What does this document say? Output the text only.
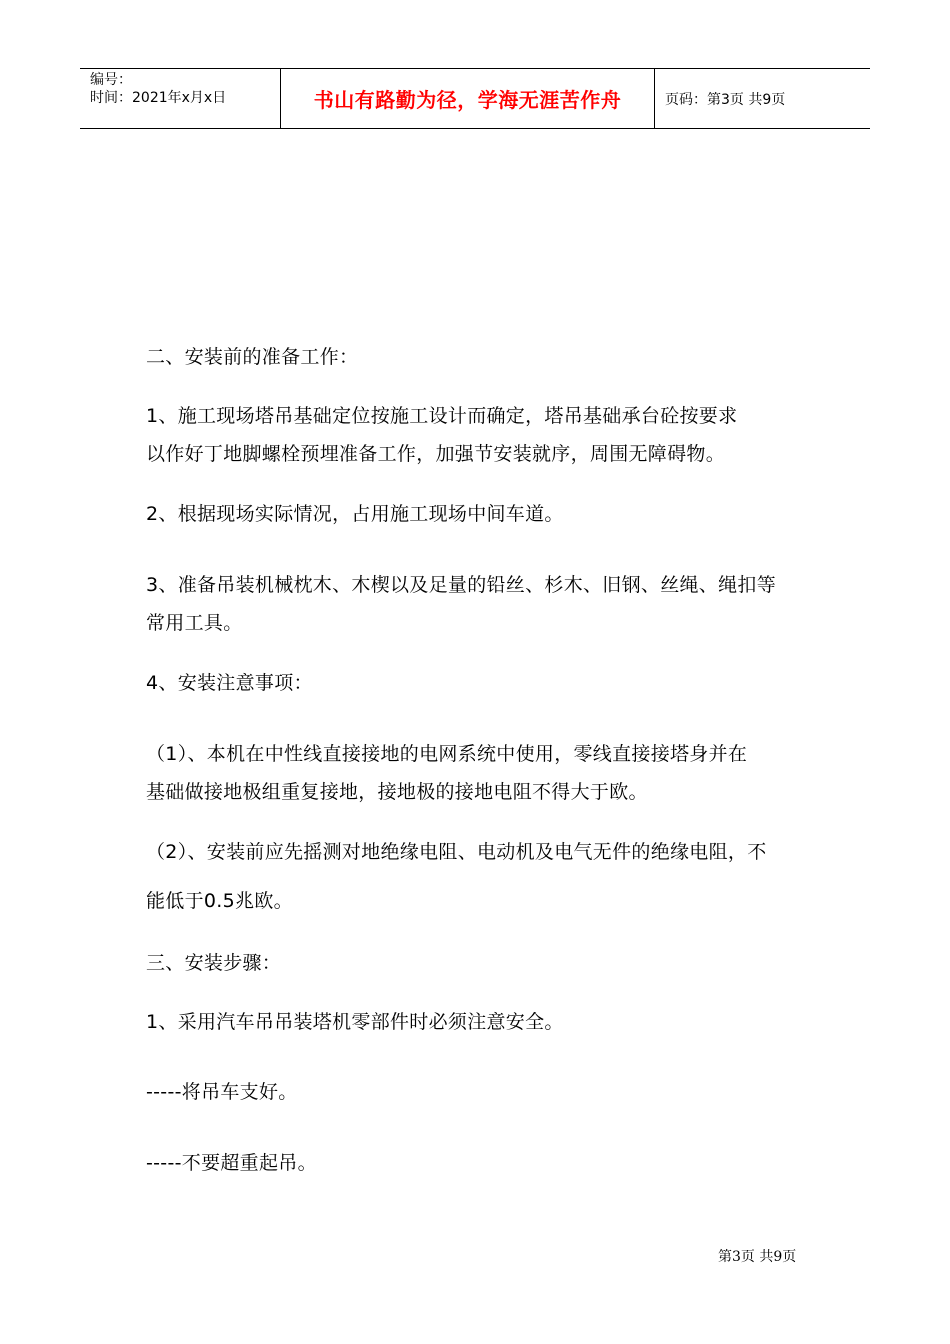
编号：
时间：2021年x月x日	书山有路勤为径，学海无涯苦作舟	页码：第3页 共9页

二、安装前的准备工作：

1、施工现场塔吊基础定位按施工设计而确定，塔吊基础承台砼按要求

以作好丁地脚螺栓预埋准备工作，加强节安装就序，周围无障碍物。

2、根据现场实际情况，占用施工现场中间车道。

3、准备吊装机械枕木、木楔以及足量的铅丝、杉木、旧钢、丝绳、绳扣等

常用工具。

4、安装注意事项：

（1）、本机在中性线直接接地的电网系统中使用，零线直接接塔身并在

基础做接地极组重复接地，接地极的接地电阻不得大于欧。

（2）、安装前应先摇测对地绝缘电阻、电动机及电气无件的绝缘电阻，不

能低于0.5兆欧。

三、安装步骤：

1、采用汽车吊吊装塔机零部件时必须注意安全。

-----将吊车支好。

-----不要超重起吊。

第3页 共9页
